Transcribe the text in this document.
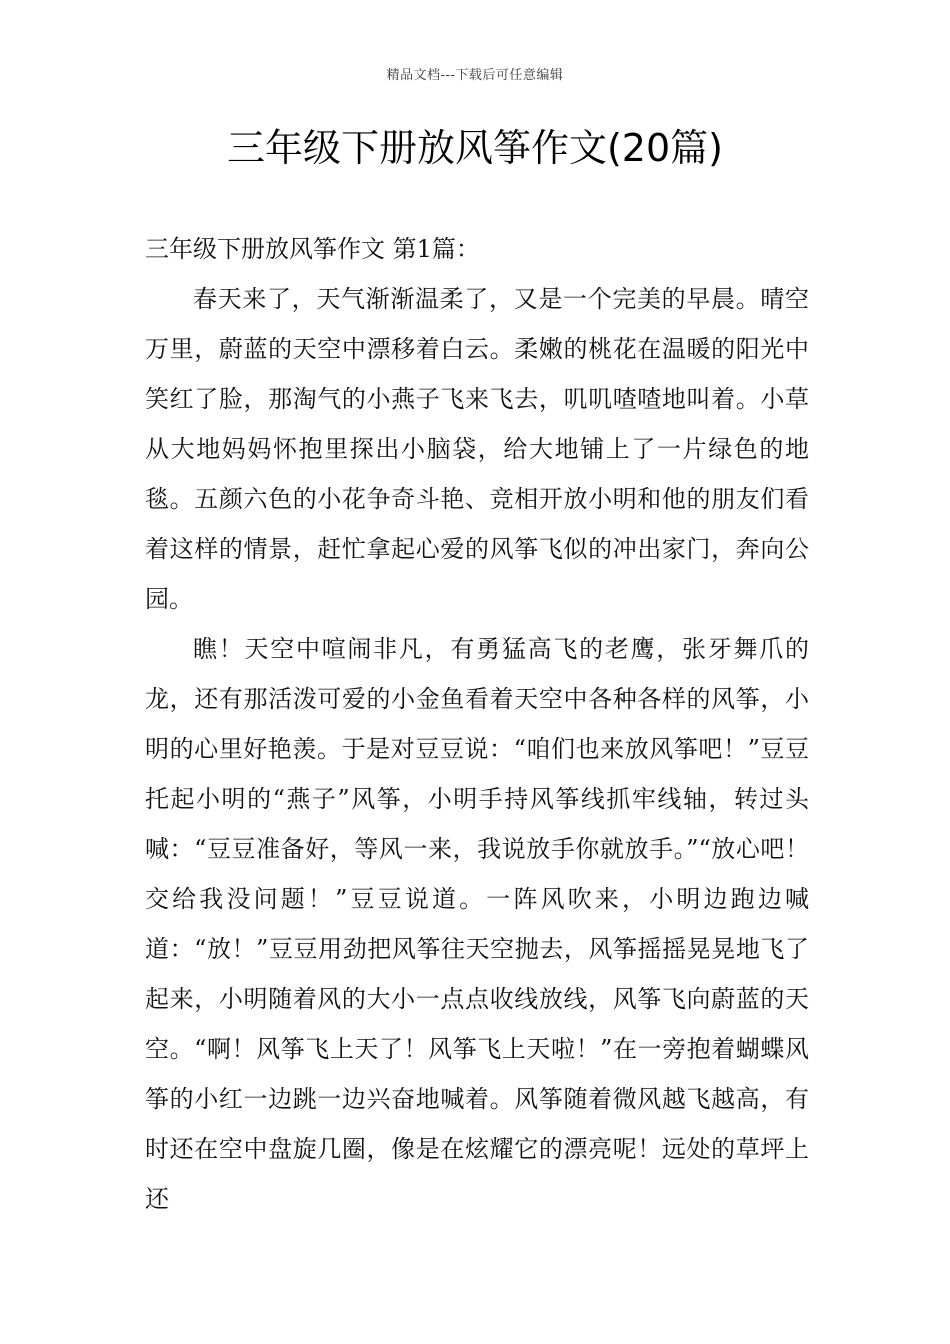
精品文档---下载后可任意编辑
三年级下册放风筝作文(20篇)

三年级下册放风筝作文 第1篇：

春天来了，天气渐渐温柔了，又是一个完美的早晨。晴空万里，蔚蓝的天空中漂移着白云。柔嫩的桃花在温暖的阳光中笑红了脸，那淘气的小燕子飞来飞去，叽叽喳喳地叫着。小草从大地妈妈怀抱里探出小脑袋，给大地铺上了一片绿色的地毯。五颜六色的小花争奇斗艳、竞相开放小明和他的朋友们看着这样的情景，赶忙拿起心爱的风筝飞似的冲出家门，奔向公园。

瞧！天空中喧闹非凡，有勇猛高飞的老鹰，张牙舞爪的龙，还有那活泼可爱的小金鱼看着天空中各种各样的风筝，小明的心里好艳羡。于是对豆豆说：“咱们也来放风筝吧！”豆豆托起小明的“燕子”风筝，小明手持风筝线抓牢线轴，转过头喊：“豆豆准备好，等风一来，我说放手你就放手。”“放心吧！交给我没问题！”豆豆说道。一阵风吹来，小明边跑边喊道：“放！”豆豆用劲把风筝往天空抛去，风筝摇摇晃晃地飞了起来，小明随着风的大小一点点收线放线，风筝飞向蔚蓝的天空。“啊！风筝飞上天了！风筝飞上天啦！”在一旁抱着蝴蝶风筝的小红一边跳一边兴奋地喊着。风筝随着微风越飞越高，有时还在空中盘旋几圈，像是在炫耀它的漂亮呢！远处的草坪上还
